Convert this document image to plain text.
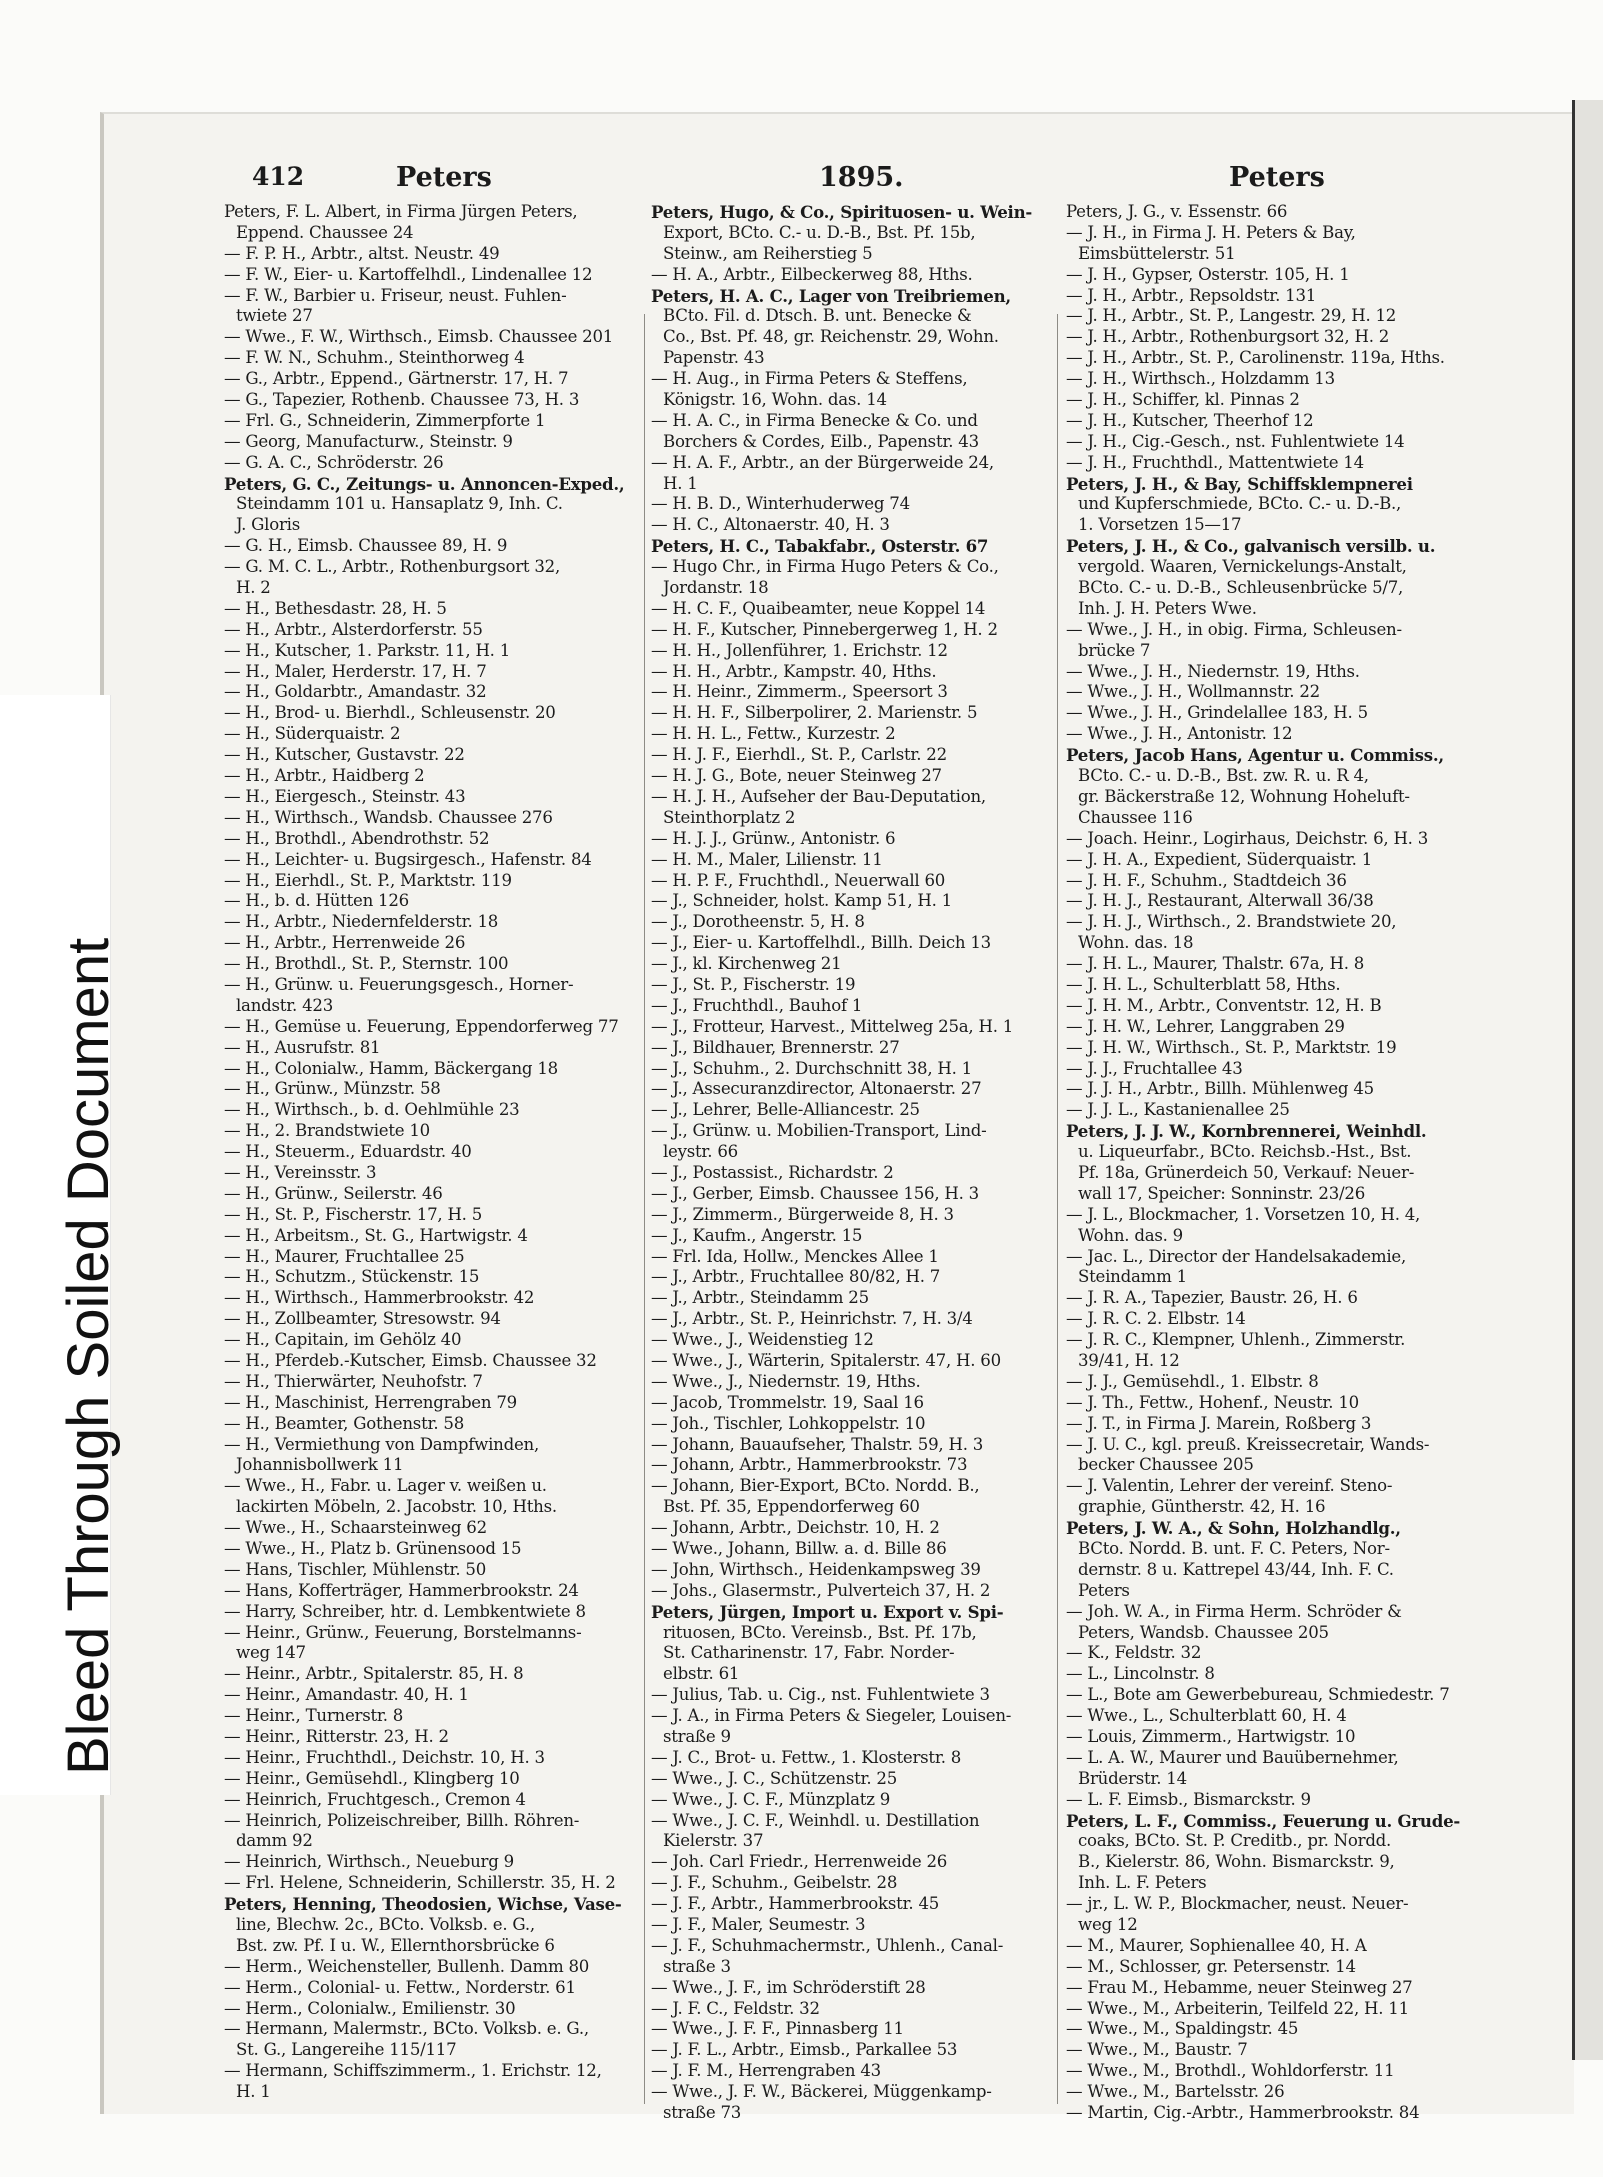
412	Peters	1895.	Peters
Peters, F. L. Albert, in Firma Jürgen Peters,
Eppend. Chaussee 24
— F. P. H., Arbtr., altst. Neustr. 49
— F. W., Eier- u. Kartoffelhdl., Lindenallee 12
— F. W., Barbier u. Friseur, neust. Fuhlen-
twiete 27
— Wwe., F. W., Wirthsch., Eimsb. Chaussee 201
— F. W. N., Schuhm., Steinthorweg 4
— G., Arbtr., Eppend., Gärtnerstr. 17, H. 7
— G., Tapezier, Rothenb. Chaussee 73, H. 3
— Frl. G., Schneiderin, Zimmerpforte 1
— Georg, Manufacturw., Steinstr. 9
— G. A. C., Schröderstr. 26
Peters, G. C., Zeitungs- u. Annoncen-Exped.,
Steindamm 101 u. Hansaplatz 9, Inh. C.
J. Gloris
— G. H., Eimsb. Chaussee 89, H. 9
— G. M. C. L., Arbtr., Rothenburgsort 32,
H. 2
— H., Bethesdastr. 28, H. 5
— H., Arbtr., Alsterdorferstr. 55
— H., Kutscher, 1. Parkstr. 11, H. 1
— H., Maler, Herderstr. 17, H. 7
— H., Goldarbtr., Amandastr. 32
— H., Brod- u. Bierhdl., Schleusenstr. 20
— H., Süderquaistr. 2
— H., Kutscher, Gustavstr. 22
— H., Arbtr., Haidberg 2
— H., Eiergesch., Steinstr. 43
— H., Wirthsch., Wandsb. Chaussee 276
— H., Brothdl., Abendrothstr. 52
— H., Leichter- u. Bugsirgesch., Hafenstr. 84
— H., Eierhdl., St. P., Marktstr. 119
— H., b. d. Hütten 126
— H., Arbtr., Niedernfelderstr. 18
— H., Arbtr., Herrenweide 26
— H., Brothdl., St. P., Sternstr. 100
— H., Grünw. u. Feuerungsgesch., Horner-
landstr. 423
— H., Gemüse u. Feuerung, Eppendorferweg 77
— H., Ausrufstr. 81
— H., Colonialw., Hamm, Bäckergang 18
— H., Grünw., Münzstr. 58
— H., Wirthsch., b. d. Oehlmühle 23
— H., 2. Brandstwiete 10
— H., Steuerm., Eduardstr. 40
— H., Vereinsstr. 3
— H., Grünw., Seilerstr. 46
— H., St. P., Fischerstr. 17, H. 5
— H., Arbeitsm., St. G., Hartwigstr. 4
— H., Maurer, Fruchtallee 25
— H., Schutzm., Stückenstr. 15
— H., Wirthsch., Hammerbrookstr. 42
— H., Zollbeamter, Stresowstr. 94
— H., Capitain, im Gehölz 40
— H., Pferdeb.-Kutscher, Eimsb. Chaussee 32
— H., Thierwärter, Neuhofstr. 7
— H., Maschinist, Herrengraben 79
— H., Beamter, Gothenstr. 58
— H., Vermiethung von Dampfwinden,
Johannisbollwerk 11
— Wwe., H., Fabr. u. Lager v. weißen u.
lackirten Möbeln, 2. Jacobstr. 10, Hths.
— Wwe., H., Schaarsteinweg 62
— Wwe., H., Platz b. Grünensood 15
— Hans, Tischler, Mühlenstr. 50
— Hans, Kofferträger, Hammerbrookstr. 24
— Harry, Schreiber, htr. d. Lembkentwiete 8
— Heinr., Grünw., Feuerung, Borstelmanns-
weg 147
— Heinr., Arbtr., Spitalerstr. 85, H. 8
— Heinr., Amandastr. 40, H. 1
— Heinr., Turnerstr. 8
— Heinr., Ritterstr. 23, H. 2
— Heinr., Fruchthdl., Deichstr. 10, H. 3
— Heinr., Gemüsehdl., Klingberg 10
— Heinrich, Fruchtgesch., Cremon 4
— Heinrich, Polizeischreiber, Billh. Röhren-
damm 92
— Heinrich, Wirthsch., Neueburg 9
— Frl. Helene, Schneiderin, Schillerstr. 35, H. 2
Peters, Henning, Theodosien, Wichse, Vase-
line, Blechw. 2c., BCto. Volksb. e. G.,
Bst. zw. Pf. I u. W., Ellernthorsbrücke 6
— Herm., Weichensteller, Bullenh. Damm 80
— Herm., Colonial- u. Fettw., Norderstr. 61
— Herm., Colonialw., Emilienstr. 30
— Hermann, Malermstr., BCto. Volksb. e. G.,
St. G., Langereihe 115/117
— Hermann, Schiffszimmerm., 1. Erichstr. 12,
H. 1
Peters, Hugo, & Co., Spirituosen- u. Wein-
Export, BCto. C.- u. D.-B., Bst. Pf. 15b,
Steinw., am Reiherstieg 5
— H. A., Arbtr., Eilbeckerweg 88, Hths.
Peters, H. A. C., Lager von Treibriemen,
BCto. Fil. d. Dtsch. B. unt. Benecke &
Co., Bst. Pf. 48, gr. Reichenstr. 29, Wohn.
Papenstr. 43
— H. Aug., in Firma Peters & Steffens,
Königstr. 16, Wohn. das. 14
— H. A. C., in Firma Benecke & Co. und
Borchers & Cordes, Eilb., Papenstr. 43
— H. A. F., Arbtr., an der Bürgerweide 24,
H. 1
— H. B. D., Winterhuderweg 74
— H. C., Altonaerstr. 40, H. 3
Peters, H. C., Tabakfabr., Osterstr. 67
— Hugo Chr., in Firma Hugo Peters & Co.,
Jordanstr. 18
— H. C. F., Quaibeamter, neue Koppel 14
— H. F., Kutscher, Pinnebergerweg 1, H. 2
— H. H., Jollenführer, 1. Erichstr. 12
— H. H., Arbtr., Kampstr. 40, Hths.
— H. Heinr., Zimmerm., Speersort 3
— H. H. F., Silberpolirer, 2. Marienstr. 5
— H. H. L., Fettw., Kurzestr. 2
— H. J. F., Eierhdl., St. P., Carlstr. 22
— H. J. G., Bote, neuer Steinweg 27
— H. J. H., Aufseher der Bau-Deputation,
Steinthorplatz 2
— H. J. J., Grünw., Antonistr. 6
— H. M., Maler, Lilienstr. 11
— H. P. F., Fruchthdl., Neuerwall 60
— J., Schneider, holst. Kamp 51, H. 1
— J., Dorotheenstr. 5, H. 8
— J., Eier- u. Kartoffelhdl., Billh. Deich 13
— J., kl. Kirchenweg 21
— J., St. P., Fischerstr. 19
— J., Fruchthdl., Bauhof 1
— J., Frotteur, Harvest., Mittelweg 25a, H. 1
— J., Bildhauer, Brennerstr. 27
— J., Schuhm., 2. Durchschnitt 38, H. 1
— J., Assecuranzdirector, Altonaerstr. 27
— J., Lehrer, Belle-Alliancestr. 25
— J., Grünw. u. Mobilien-Transport, Lind-
leystr. 66
— J., Postassist., Richardstr. 2
— J., Gerber, Eimsb. Chaussee 156, H. 3
— J., Zimmerm., Bürgerweide 8, H. 3
— J., Kaufm., Angerstr. 15
— Frl. Ida, Hollw., Menckes Allee 1
— J., Arbtr., Fruchtallee 80/82, H. 7
— J., Arbtr., Steindamm 25
— J., Arbtr., St. P., Heinrichstr. 7, H. 3/4
— Wwe., J., Weidenstieg 12
— Wwe., J., Wärterin, Spitalerstr. 47, H. 60
— Wwe., J., Niedernstr. 19, Hths.
— Jacob, Trommelstr. 19, Saal 16
— Joh., Tischler, Lohkoppelstr. 10
— Johann, Bauaufseher, Thalstr. 59, H. 3
— Johann, Arbtr., Hammerbrookstr. 73
— Johann, Bier-Export, BCto. Nordd. B.,
Bst. Pf. 35, Eppendorferweg 60
— Johann, Arbtr., Deichstr. 10, H. 2
— Wwe., Johann, Billw. a. d. Bille 86
— John, Wirthsch., Heidenkampsweg 39
— Johs., Glasermstr., Pulverteich 37, H. 2
Peters, Jürgen, Import u. Export v. Spi-
rituosen, BCto. Vereinsb., Bst. Pf. 17b,
St. Catharinenstr. 17, Fabr. Norder-
elbstr. 61
— Julius, Tab. u. Cig., nst. Fuhlentwiete 3
— J. A., in Firma Peters & Siegeler, Louisen-
straße 9
— J. C., Brot- u. Fettw., 1. Klosterstr. 8
— Wwe., J. C., Schützenstr. 25
— Wwe., J. C. F., Münzplatz 9
— Wwe., J. C. F., Weinhdl. u. Destillation
Kielerstr. 37
— Joh. Carl Friedr., Herrenweide 26
— J. F., Schuhm., Geibelstr. 28
— J. F., Arbtr., Hammerbrookstr. 45
— J. F., Maler, Seumestr. 3
— J. F., Schuhmachermstr., Uhlenh., Canal-
straße 3
— Wwe., J. F., im Schröderstift 28
— J. F. C., Feldstr. 32
— Wwe., J. F. F., Pinnasberg 11
— J. F. L., Arbtr., Eimsb., Parkallee 53
— J. F. M., Herrengraben 43
— Wwe., J. F. W., Bäckerei, Müggenkamp-
straße 73
Peters, J. G., v. Essenstr. 66
— J. H., in Firma J. H. Peters & Bay,
Eimsbüttelerstr. 51
— J. H., Gypser, Osterstr. 105, H. 1
— J. H., Arbtr., Repsoldstr. 131
— J. H., Arbtr., St. P., Langestr. 29, H. 12
— J. H., Arbtr., Rothenburgsort 32, H. 2
— J. H., Arbtr., St. P., Carolinenstr. 119a, Hths.
— J. H., Wirthsch., Holzdamm 13
— J. H., Schiffer, kl. Pinnas 2
— J. H., Kutscher, Theerhof 12
— J. H., Cig.-Gesch., nst. Fuhlentwiete 14
— J. H., Fruchthdl., Mattentwiete 14
Peters, J. H., & Bay, Schiffsklempnerei
und Kupferschmiede, BCto. C.- u. D.-B.,
1. Vorsetzen 15—17
Peters, J. H., & Co., galvanisch versilb. u.
vergold. Waaren, Vernickelungs-Anstalt,
BCto. C.- u. D.-B., Schleusenbrücke 5/7,
Inh. J. H. Peters Wwe.
— Wwe., J. H., in obig. Firma, Schleusen-
brücke 7
— Wwe., J. H., Niedernstr. 19, Hths.
— Wwe., J. H., Wollmannstr. 22
— Wwe., J. H., Grindelallee 183, H. 5
— Wwe., J. H., Antonistr. 12
Peters, Jacob Hans, Agentur u. Commiss.,
BCto. C.- u. D.-B., Bst. zw. R. u. R 4,
gr. Bäckerstraße 12, Wohnung Hoheluft-
Chaussee 116
— Joach. Heinr., Logirhaus, Deichstr. 6, H. 3
— J. H. A., Expedient, Süderquaistr. 1
— J. H. F., Schuhm., Stadtdeich 36
— J. H. J., Restaurant, Alterwall 36/38
— J. H. J., Wirthsch., 2. Brandstwiete 20,
Wohn. das. 18
— J. H. L., Maurer, Thalstr. 67a, H. 8
— J. H. L., Schulterblatt 58, Hths.
— J. H. M., Arbtr., Conventstr. 12, H. B
— J. H. W., Lehrer, Langgraben 29
— J. H. W., Wirthsch., St. P., Marktstr. 19
— J. J., Fruchtallee 43
— J. J. H., Arbtr., Billh. Mühlenweg 45
— J. J. L., Kastanienallee 25
Peters, J. J. W., Kornbrennerei, Weinhdl.
u. Liqueurfabr., BCto. Reichsb.-Hst., Bst.
Pf. 18a, Grünerdeich 50, Verkauf: Neuer-
wall 17, Speicher: Sonninstr. 23/26
— J. L., Blockmacher, 1. Vorsetzen 10, H. 4,
Wohn. das. 9
— Jac. L., Director der Handelsakademie,
Steindamm 1
— J. R. A., Tapezier, Baustr. 26, H. 6
— J. R. C. 2. Elbstr. 14
— J. R. C., Klempner, Uhlenh., Zimmerstr.
39/41, H. 12
— J. J., Gemüsehdl., 1. Elbstr. 8
— J. Th., Fettw., Hohenf., Neustr. 10
— J. T., in Firma J. Marein, Roßberg 3
— J. U. C., kgl. preuß. Kreissecretair, Wands-
becker Chaussee 205
— J. Valentin, Lehrer der vereinf. Steno-
graphie, Güntherstr. 42, H. 16
Peters, J. W. A., & Sohn, Holzhandlg.,
BCto. Nordd. B. unt. F. C. Peters, Nor-
dernstr. 8 u. Kattrepel 43/44, Inh. F. C.
Peters
— Joh. W. A., in Firma Herm. Schröder &
Peters, Wandsb. Chaussee 205
— K., Feldstr. 32
— L., Lincolnstr. 8
— L., Bote am Gewerbebureau, Schmiedestr. 7
— Wwe., L., Schulterblatt 60, H. 4
— Louis, Zimmerm., Hartwigstr. 10
— L. A. W., Maurer und Bauübernehmer,
Brüderstr. 14
— L. F. Eimsb., Bismarckstr. 9
Peters, L. F., Commiss., Feuerung u. Grude-
coaks, BCto. St. P. Creditb., pr. Nordd.
B., Kielerstr. 86, Wohn. Bismarckstr. 9,
Inh. L. F. Peters
— jr., L. W. P., Blockmacher, neust. Neuer-
weg 12
— M., Maurer, Sophienallee 40, H. A
— M., Schlosser, gr. Petersenstr. 14
— Frau M., Hebamme, neuer Steinweg 27
— Wwe., M., Arbeiterin, Teilfeld 22, H. 11
— Wwe., M., Spaldingstr. 45
— Wwe., M., Baustr. 7
— Wwe., M., Brothdl., Wohldorferstr. 11
— Wwe., M., Bartelsstr. 26
— Martin, Cig.-Arbtr., Hammerbrookstr. 84
Bleed Through Soiled Document
